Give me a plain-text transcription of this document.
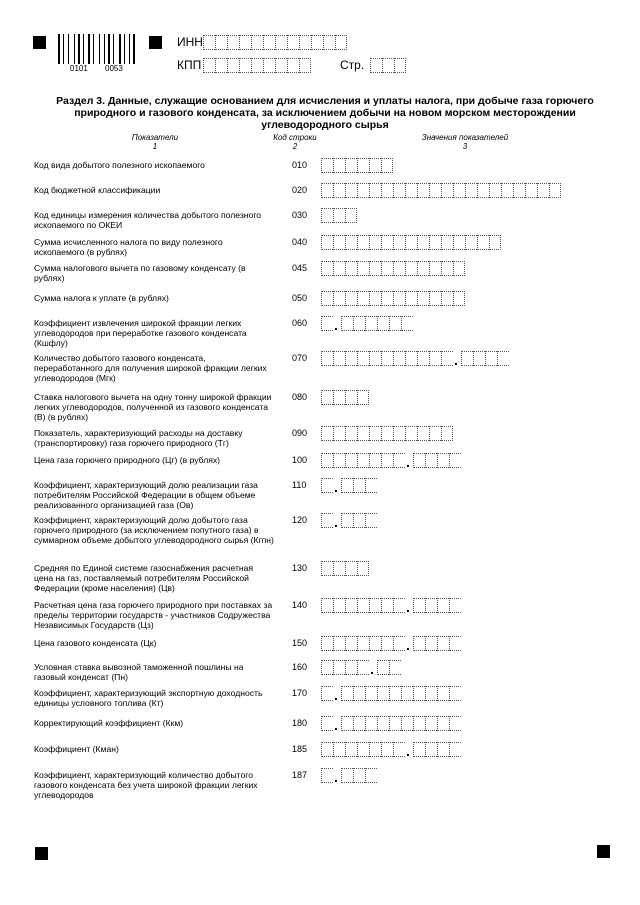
0101 0053
ИНН
КПП	Стр.
Раздел 3. Данные, служащие основанием для исчисления и уплаты налога, при добыче газа горючего природного и газового конденсата, за исключением добычи на новом морском месторождении углеводородного сырья
Показатели
1
Код строки
2
Значения показателей
3
Код вида добытого полезного ископаемого	010
Код бюджетной классификации	020
Код единицы измерения количества добытого полезного ископаемого по ОКЕИ
030
Сумма исчисленного налога по виду полезного ископаемого (в рублях)
040
Сумма налогового вычета по газовому конденсату (в рублях)
045
Сумма налога к уплате (в рублях)	050
Коэффициент извлечения широкой фракции легких углеводородов при переработке газового конденсата (Кшфлу)
060 .
Количество добытого газового конденсата, переработанного для получения широкой фракции легких углеводородов (Мгк)
070	.
Ставка налогового вычета на одну тонну широкой фракции легких углеводородов, полученной из газового конденсата (В) (в рублях)
080
Показатель, характеризующий расходы на доставку (транспортировку) газа горючего природного (Тг)
090
Цена газа горючего природного (Цг) (в рублях)	100	.
Коэффициент, характеризующий долю реализации газа потребителям Российской Федерации в общем объеме реализованного организацией газа (Ов)
110 .
Коэффициент, характеризующий долю добытого газа горючего природного (за исключением попутного газа) в суммарном объеме добытого углеводородного сырья (Кгпн)
120 .
Средняя по Единой системе газоснабжения расчетная цена на газ, поставляемый потребителям Российской Федерации (кроме населения) (Цв)
130
Расчетная цена газа горючего природного при поставках за пределы территории государств - участников Содружества Независимых Государств (Цз)
140	.
Цена газового конденсата (Цк)	150	.
Условная ставка вывозной таможенной пошлины на газовый конденсат (Пн)
160	.
Коэффициент, характеризующий экспортную доходность единицы условного топлива (Кт)
170 .
Корректирующий коэффициент (Ккм)	180 .
Коэффициент (Кман)	185	.
Коэффициент, характеризующий количество добытого газового конденсата без учета широкой фракции легких углеводородов
187 .
